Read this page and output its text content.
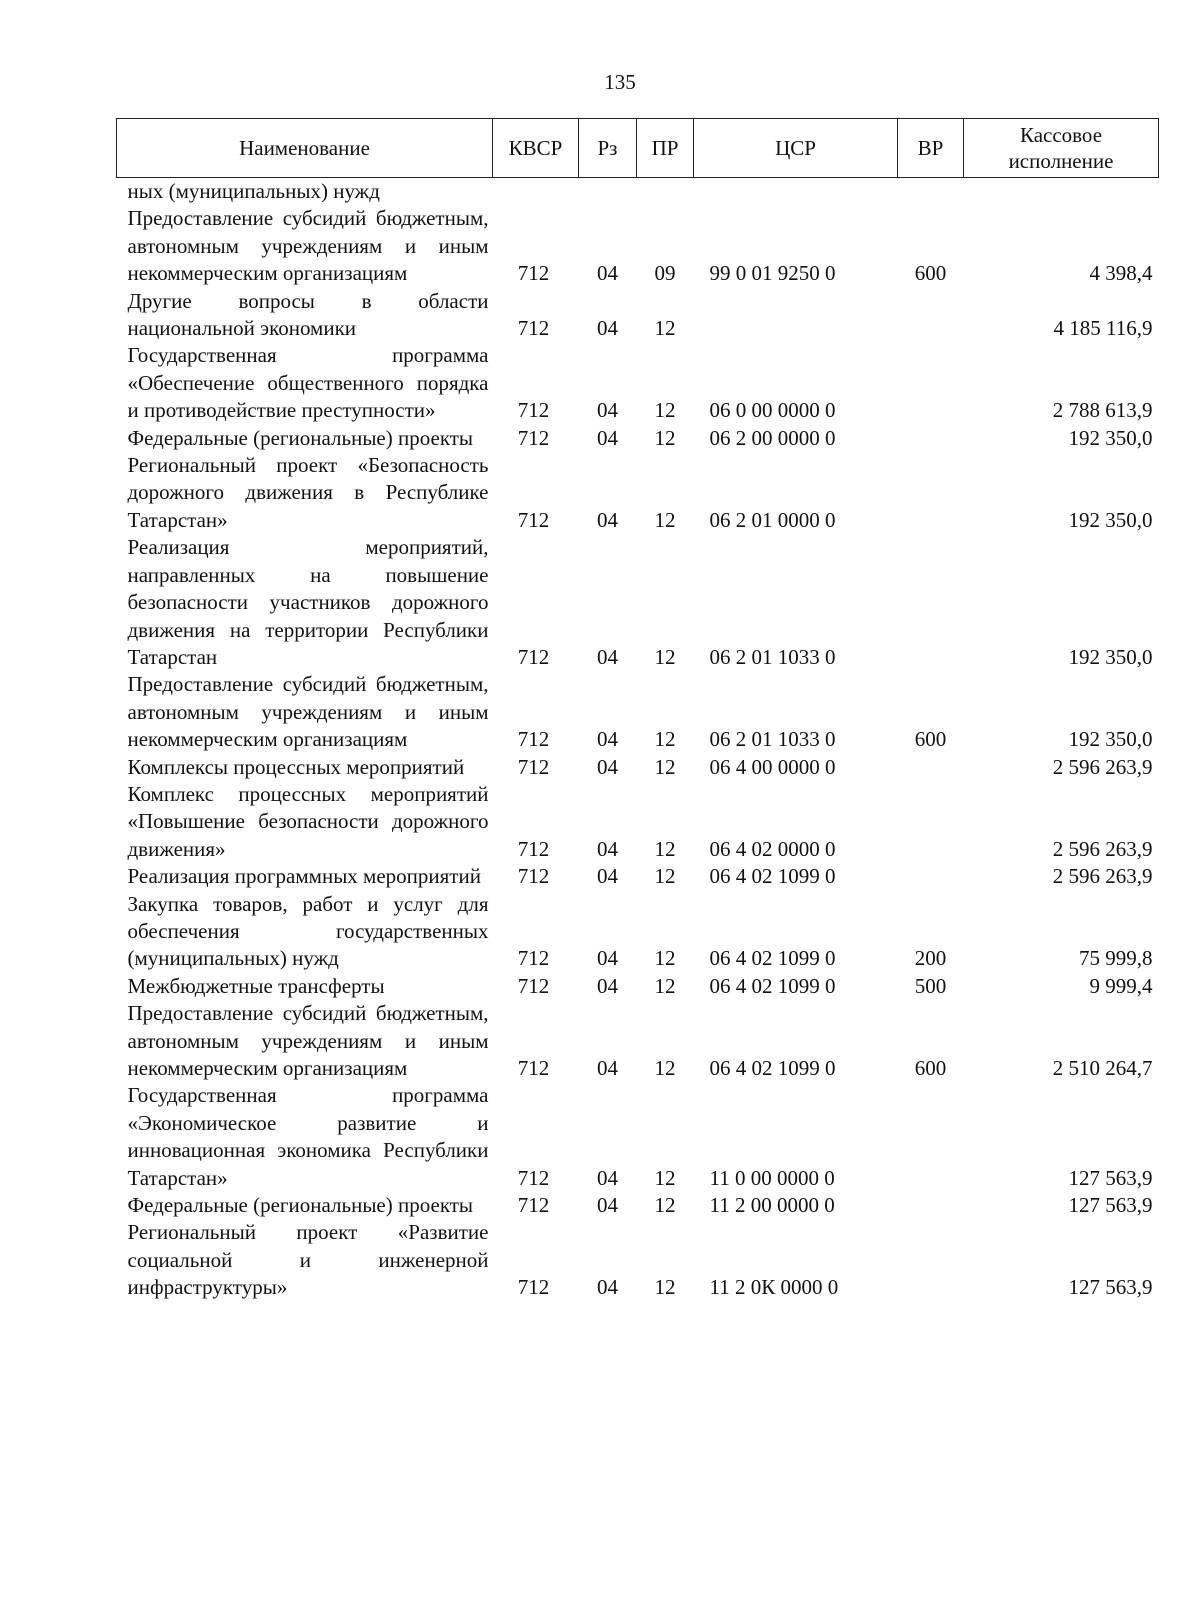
135
Наименование	КВСР	Рз	ПР	ЦСР	ВР	Кассовое исполнение
ных (муниципальных) нужд						
Предоставление субсидий бюджетным, автономным учреждениям и иным некоммерческим организациям	712	04	09	99 0 01 9250 0	600	4 398,4
Другие вопросы в области национальной экономики	712	04	12			4 185 116,9
Государственная программа «Обеспечение общественного порядка и противодействие преступности»	712	04	12	06 0 00 0000 0		2 788 613,9
Федеральные (региональные) проекты	712	04	12	06 2 00 0000 0		192 350,0
Региональный проект «Безопасность дорожного движения в Республике Татарстан»	712	04	12	06 2 01 0000 0		192 350,0
Реализация мероприятий, направленных на повышение безопасности участников дорожного движения на территории Республики Татарстан	712	04	12	06 2 01 1033 0		192 350,0
Предоставление субсидий бюджетным, автономным учреждениям и иным некоммерческим организациям	712	04	12	06 2 01 1033 0	600	192 350,0
Комплексы процессных мероприятий	712	04	12	06 4 00 0000 0		2 596 263,9
Комплекс процессных мероприятий «Повышение безопасности дорожного движения»	712	04	12	06 4 02 0000 0		2 596 263,9
Реализация программных мероприятий	712	04	12	06 4 02 1099 0		2 596 263,9
Закупка товаров, работ и услуг для обеспечения государственных (муниципальных) нужд	712	04	12	06 4 02 1099 0	200	75 999,8
Межбюджетные трансферты	712	04	12	06 4 02 1099 0	500	9 999,4
Предоставление субсидий бюджетным, автономным учреждениям и иным некоммерческим организациям	712	04	12	06 4 02 1099 0	600	2 510 264,7
Государственная программа «Экономическое развитие и инновационная экономика Республики Татарстан»	712	04	12	11 0 00 0000 0		127 563,9
Федеральные (региональные) проекты	712	04	12	11 2 00 0000 0		127 563,9
Региональный проект «Развитие социальной и инженерной инфраструктуры»	712	04	12	11 2 0К 0000 0		127 563,9
